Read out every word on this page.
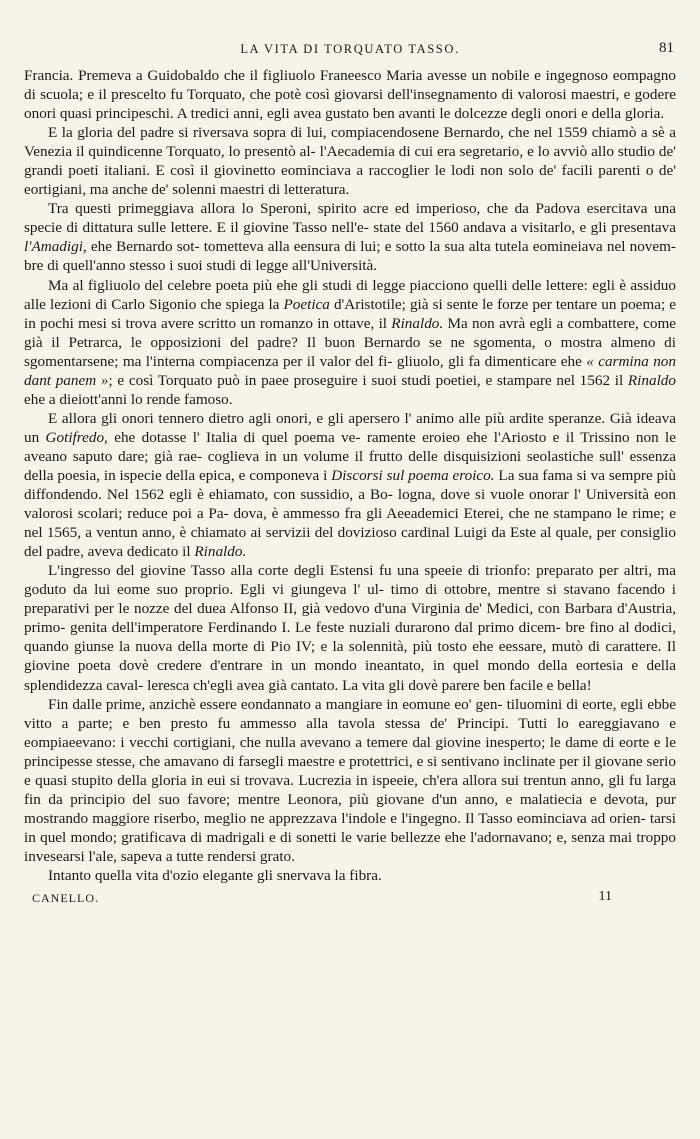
LA VITA DI TORQUATO TASSO.	81

Francia. Premeva a Guidobaldo che il figliuolo Franeesco Maria avesse un nobile e ingegnoso eompagno di scuola; e il prescelto fu Torquato, che potè così giovarsi dell'insegnamento di valorosi maestri, e godere onori quasi principeschi. A tredici anni, egli avea gustato ben avanti le dolcezze degli onori e della gloria.

E la gloria del padre si riversava sopra di lui, compiacendosene Bernardo, che nel 1559 chiamò a sè a Venezia il quindicenne Torquato, lo presentò al- l'Aecademia di cui era segretario, e lo avviò allo studio de' grandi poeti italiani. E così il giovinetto eominciava a raccoglier le lodi non solo de' facili parenti o de' eortigiani, ma anche de' solenni maestri di letteratura.

Tra questi primeggiava allora lo Speroni, spirito acre ed imperioso, che da Padova esercitava una specie di dittatura sulle lettere. E il giovine Tasso nell'e- state del 1560 andava a visitarlo, e gli presentava l'Amadigi, ehe Bernardo sot- tometteva alla eensura di lui; e sotto la sua alta tutela eomineiava nel novem- bre di quell'anno stesso i suoi studi di legge all'Università.

Ma al figliuolo del celebre poeta più ehe gli studi di legge piacciono quelli delle lettere: egli è assiduo alle lezioni di Carlo Sigonio che spiega la Poetica d'Aristotile; già si sente le forze per tentare un poema; e in pochi mesi si trova avere scritto un romanzo in ottave, il Rinaldo. Ma non avrà egli a combattere, come già il Petrarca, le opposizioni del padre? Il buon Bernardo se ne sgomenta, o mostra almeno di sgomentarsene; ma l'interna compiacenza per il valor del fi- gliuolo, gli fa dimenticare ehe « carmina non dant panem »; e così Torquato può in paee proseguire i suoi studi poetiei, e stampare nel 1562 il Rinaldo ehe a dieiott'anni lo rende famoso.

E allora gli onori tennero dietro agli onori, e gli apersero l' animo alle più ardite speranze. Già ideava un Gotifredo, ehe dotasse l' Italia di quel poema ve- ramente eroieo ehe l'Ariosto e il Trissino non le aveano saputo dare; già rae- coglieva in un volume il frutto delle disquisizioni seolastiche sull' essenza della poesia, in ispecie della epica, e componeva i Discorsi sul poema eroico. La sua fama si va sempre più diffondendo. Nel 1562 egli è ehiamato, con sussidio, a Bo- logna, dove si vuole onorar l' Università eon valorosi scolari; reduce poi a Pa- dova, è ammesso fra gli Aeeademici Eterei, che ne stampano le rime; e nel 1565, a ventun anno, è chiamato ai servizii del dovizioso cardinal Luigi da Este al quale, per consiglio del padre, aveva dedicato il Rinaldo.

L'ingresso del giovine Tasso alla corte degli Estensi fu una speeie di trionfo: preparato per altri, ma goduto da lui eome suo proprio. Egli vi giungeva l' ul- timo di ottobre, mentre si stavano facendo i preparativi per le nozze del duea Alfonso II, già vedovo d'una Virginia de' Medici, con Barbara d'Austria, primo- genita dell'imperatore Ferdinando I. Le feste nuziali durarono dal primo dicem- bre fino al dodici, quando giunse la nuova della morte di Pio IV; e la solennità, più tosto ehe eessare, mutò di carattere. Il giovine poeta dovè credere d'entrare in un mondo ineantato, in quel mondo della eortesia e della splendidezza caval- leresca ch'egli avea già cantato. La vita gli dovè parere ben facile e bella!

Fin dalle prime, anzichè essere eondannato a mangiare in eomune eo' gen- tiluomini di eorte, egli ebbe vitto a parte; e ben presto fu ammesso alla tavola stessa de' Principi. Tutti lo eareggiavano e eompiaeevano: i vecchi cortigiani, che nulla avevano a temere dal giovine inesperto; le dame di eorte e le principesse stesse, che amavano di farsegli maestre e protettrici, e si sentivano inclinate per il giovane serio e quasi stupito della gloria in eui si trovava. Lucrezia in ispeeie, ch'era allora sui trentun anno, gli fu larga fin da principio del suo favore; mentre Leonora, più giovane d'un anno, e malatiecia e devota, pur mostrando maggiore riserbo, meglio ne apprezzava l'indole e l'ingegno. Il Tasso eominciava ad orien- tarsi in quel mondo; gratificava di madrigali e di sonetti le varie bellezze ehe l'adornavano; e, senza mai troppo invesearsi l'ale, sapeva a tutte rendersi grato.

Intanto quella vita d'ozio elegante gli snervava la fibra.

CANELLO.	11
